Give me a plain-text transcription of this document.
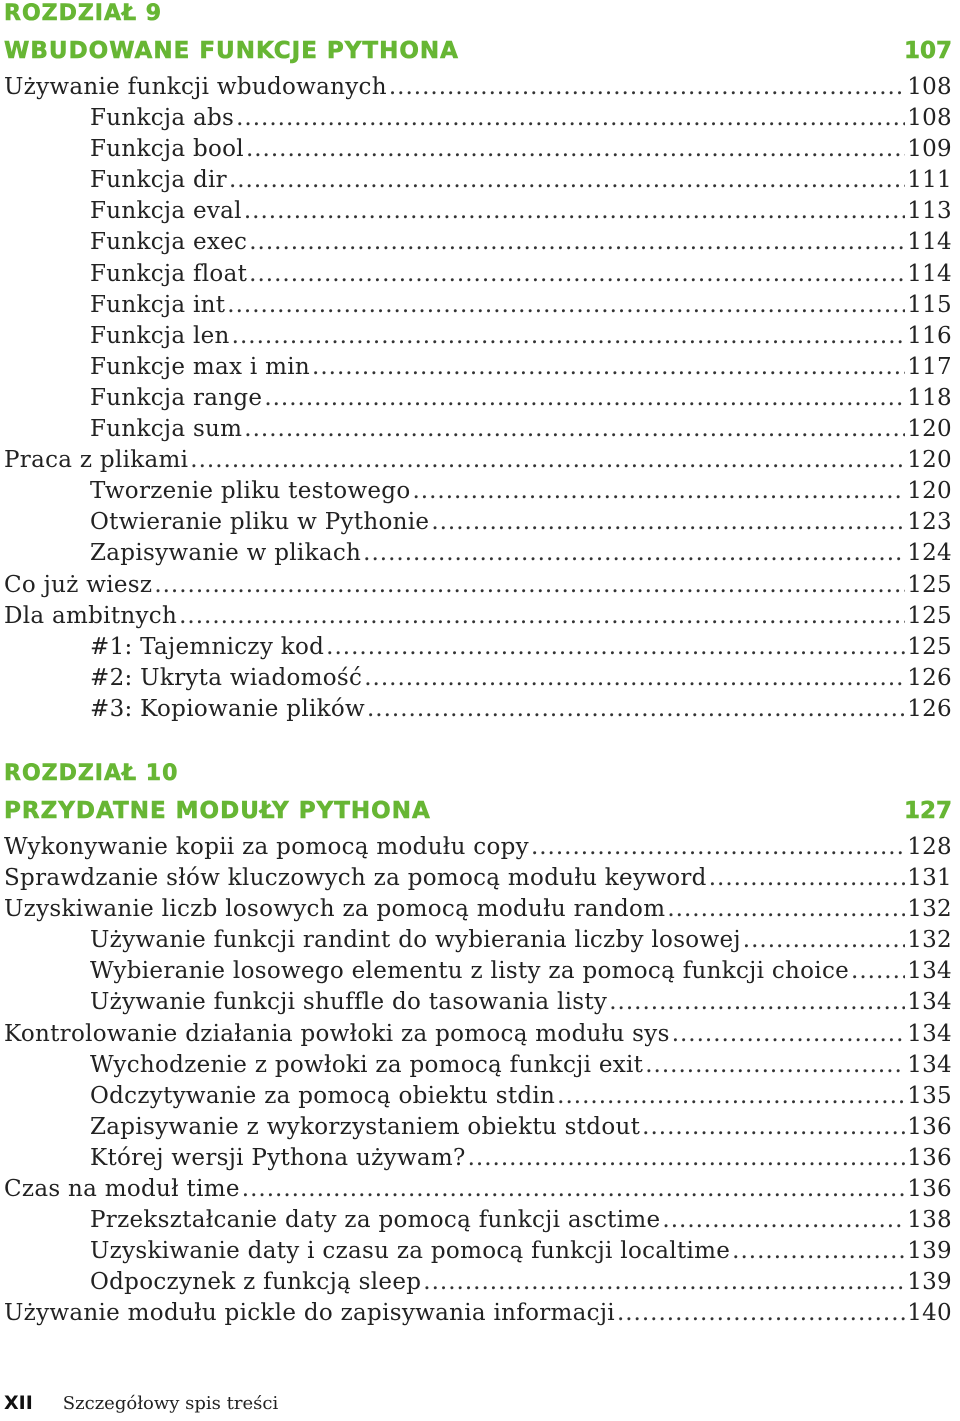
ROZDZIAŁ 9
WBUDOWANE FUNKCJE PYTHONA	107
Używanie funkcji wbudowanych .....	108
Funkcja abs .....	108
Funkcja bool .....	109
Funkcja dir .....	111
Funkcja eval .....	113
Funkcja exec .....	114
Funkcja float .....	114
Funkcja int .....	115
Funkcja len .....	116
Funkcje max i min .....	117
Funkcja range .....	118
Funkcja sum .....	120
Praca z plikami .....	120
Tworzenie pliku testowego .....	120
Otwieranie pliku w Pythonie .....	123
Zapisywanie w plikach .....	124
Co już wiesz .....	125
Dla ambitnych .....	125
#1: Tajemniczy kod .....	125
#2: Ukryta wiadomość .....	126
#3: Kopiowanie plików .....	126
ROZDZIAŁ 10
PRZYDATNE MODUŁY PYTHONA	127
Wykonywanie kopii za pomocą modułu copy .....	128
Sprawdzanie słów kluczowych za pomocą modułu keyword .....	131
Uzyskiwanie liczb losowych za pomocą modułu random .....	132
Używanie funkcji randint do wybierania liczby losowej .....	132
Wybieranie losowego elementu z listy za pomocą funkcji choice .....	134
Używanie funkcji shuffle do tasowania listy .....	134
Kontrolowanie działania powłoki za pomocą modułu sys .....	134
Wychodzenie z powłoki za pomocą funkcji exit .....	134
Odczytywanie za pomocą obiektu stdin .....	135
Zapisywanie z wykorzystaniem obiektu stdout .....	136
Której wersji Pythona używam? .....	136
Czas na moduł time .....	136
Przekształcanie daty za pomocą funkcji asctime .....	138
Uzyskiwanie daty i czasu za pomocą funkcji localtime .....	139
Odpoczynek z funkcją sleep .....	139
Używanie modułu pickle do zapisywania informacji .....	140
XII Szczegółowy spis treści
